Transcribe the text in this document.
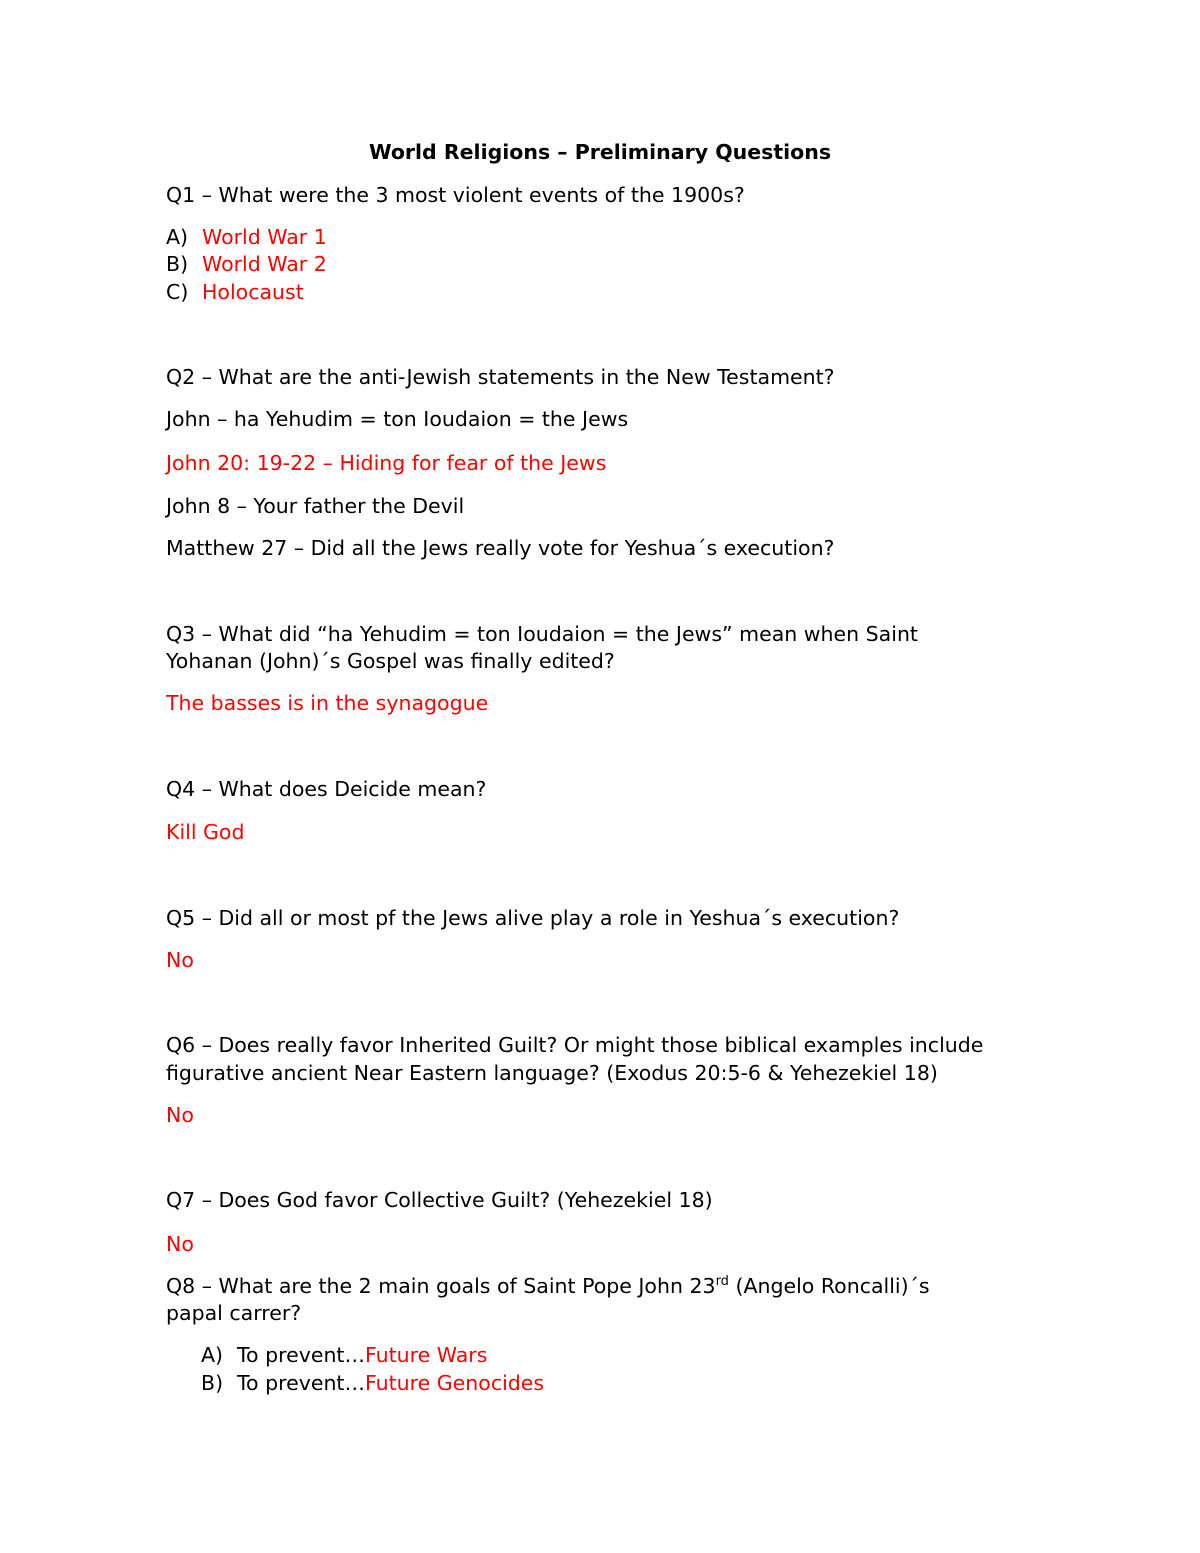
World Religions – Preliminary Questions

Q1 – What were the 3 most violent events of the 1900s?

A) World War 1

B) World War 2

C) Holocaust

Q2 – What are the anti-Jewish statements in the New Testament?

John – ha Yehudim = ton Ioudaion = the Jews

John 20: 19-22 – Hiding for fear of the Jews

John 8 – Your father the Devil

Matthew 27 – Did all the Jews really vote for Yeshua´s execution?

Q3 – What did “ha Yehudim = ton Ioudaion = the Jews” mean when Saint

Yohanan (John)´s Gospel was finally edited?

The basses is in the synagogue

Q4 – What does Deicide mean?

Kill God

Q5 – Did all or most pf the Jews alive play a role in Yeshua´s execution?

No

Q6 – Does really favor Inherited Guilt? Or might those biblical examples include

figurative ancient Near Eastern language? (Exodus 20:5-6 & Yehezekiel 18)

No

Q7 – Does God favor Collective Guilt? (Yehezekiel 18)

No

Q8 – What are the 2 main goals of Saint Pope John 23rd (Angelo Roncalli)´s

papal carrer?

A) To prevent…Future Wars

B) To prevent…Future Genocides
